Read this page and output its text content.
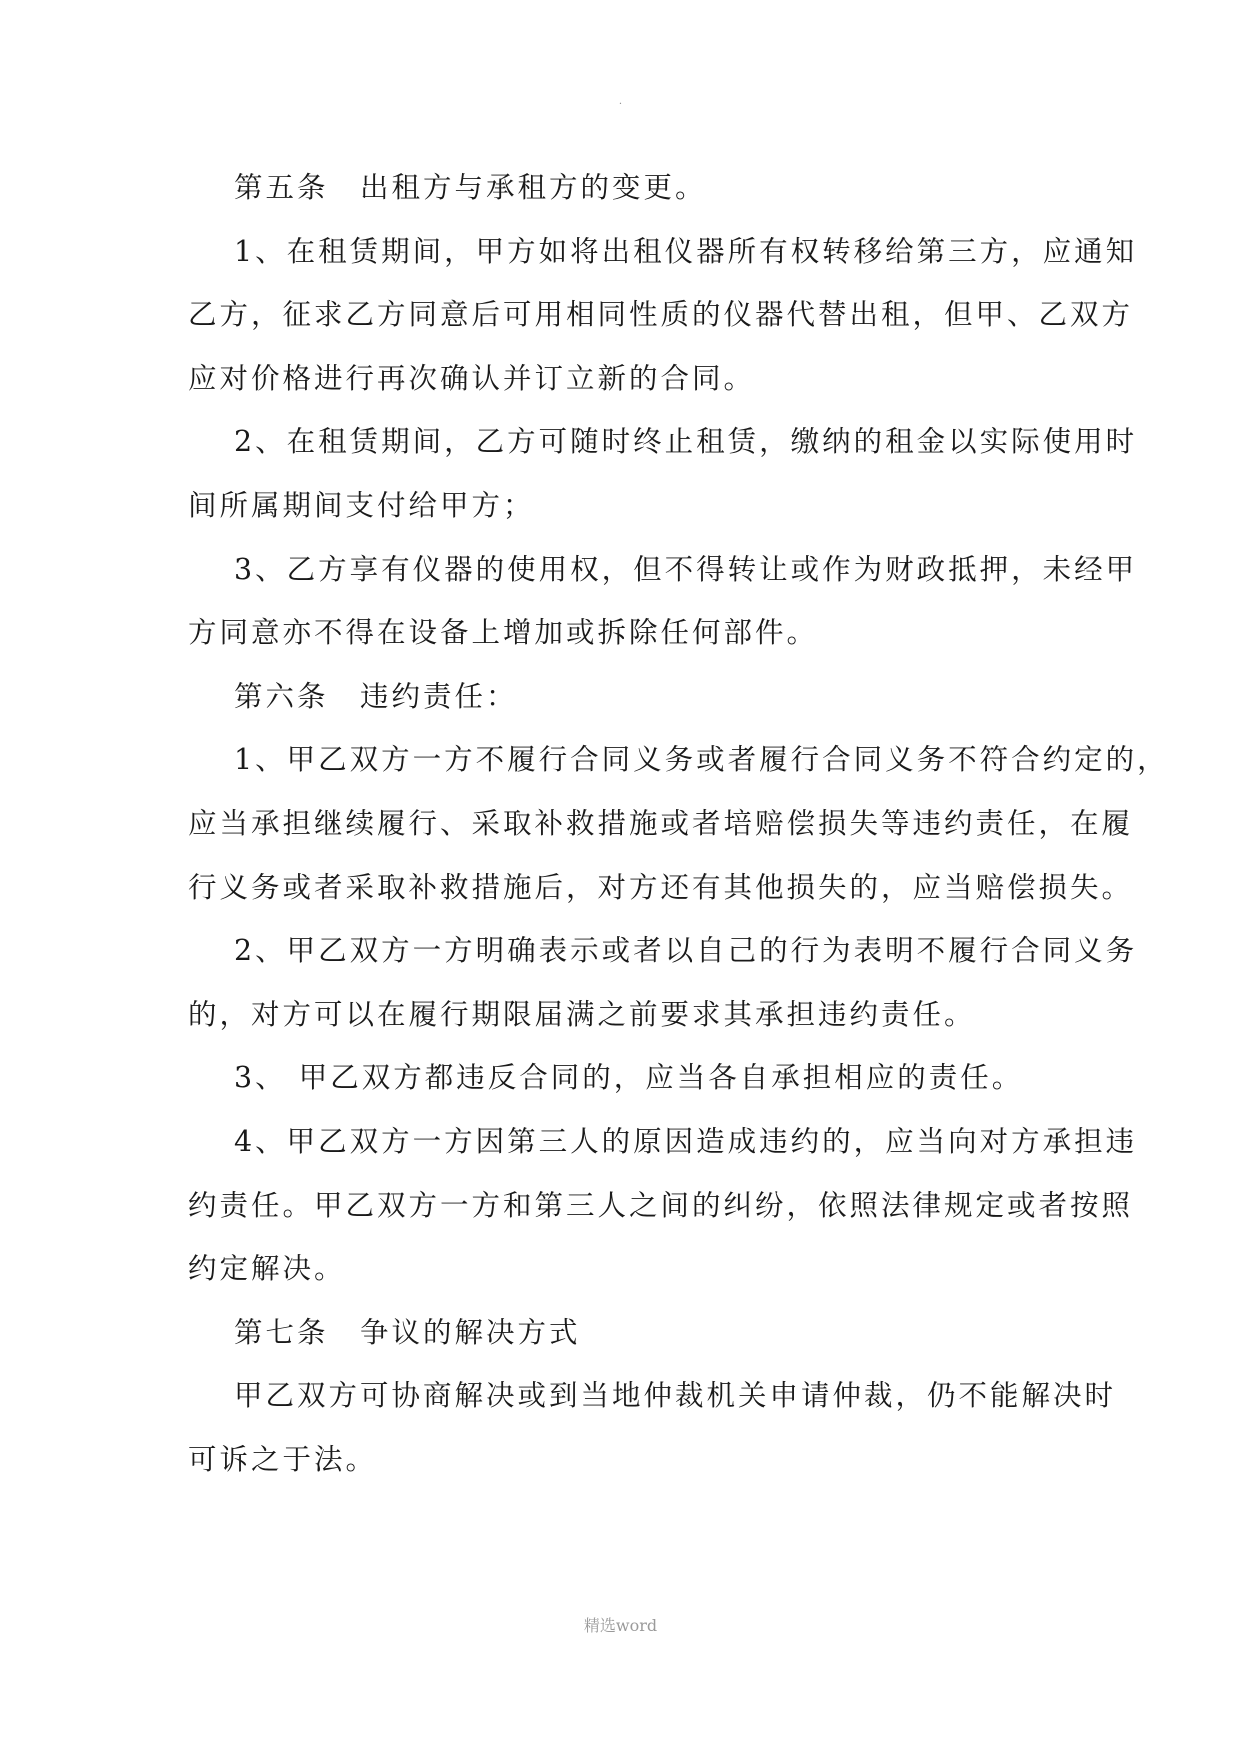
.
第五条　出租方与承租方的变更。
1、在租赁期间，甲方如将出租仪器所有权转移给第三方，应通知
乙方，征求乙方同意后可用相同性质的仪器代替出租，但甲、乙双方
应对价格进行再次确认并订立新的合同。
2、在租赁期间，乙方可随时终止租赁，缴纳的租金以实际使用时
间所属期间支付给甲方；
3、乙方享有仪器的使用权，但不得转让或作为财政抵押，未经甲
方同意亦不得在设备上增加或拆除任何部件。
第六条　违约责任：
1、甲乙双方一方不履行合同义务或者履行合同义务不符合约定的，
应当承担继续履行、采取补救措施或者培赔偿损失等违约责任，在履
行义务或者采取补救措施后，对方还有其他损失的，应当赔偿损失。
2、甲乙双方一方明确表示或者以自己的行为表明不履行合同义务
的，对方可以在履行期限届满之前要求其承担违约责任。
3、 甲乙双方都违反合同的，应当各自承担相应的责任。
4、甲乙双方一方因第三人的原因造成违约的，应当向对方承担违
约责任。甲乙双方一方和第三人之间的纠纷，依照法律规定或者按照
约定解决。
第七条　争议的解决方式
甲乙双方可协商解决或到当地仲裁机关申请仲裁，仍不能解决时
可诉之于法。
精选word
